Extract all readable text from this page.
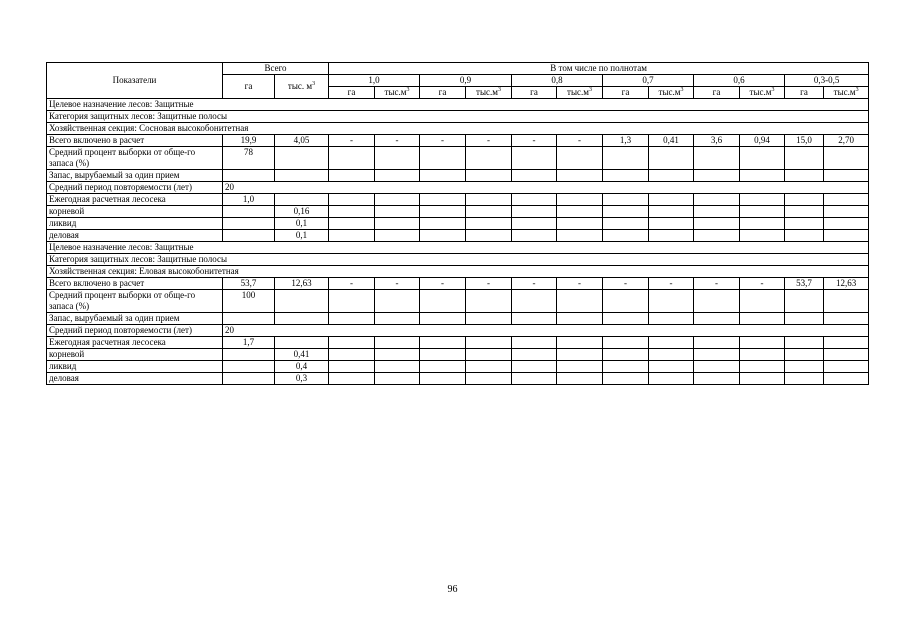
Показатели	Всего		В том числе по полнотам											
	га	тыс. $м^3$	1,0		0,9		0,8		0,7		0,6		0,3-0,5	
			га	$тыс.м^3$	га	$тыс.м^3$	га	$тыс.м^3$	га	$тыс.м^3$	га	$тыс.м^3$	га	$тыс.м^3$
Целевое назначение лесов: Защитные														
Категория защитных лесов: Защитные полосы														
Хозяйственная секция: Сосновая высокобонитетная														
Всего включено в расчет	19,9	4,05	-	-	-	-	-	-	1,3	0,41	3,6	0,94	15,0	2,70
Средний процент выборки от обще-го запаса (%)	78													
Запас, вырубаемый за один прием														
Средний период повторяемости (лет)	20													
Ежегодная расчетная лесосека	1,0													
корневой		0,16												
ликвид		0,1												
деловая		0,1												
Целевое назначение лесов: Защитные														
Категория защитных лесов: Защитные полосы														
Хозяйственная секция: Еловая высокобонитетная														
Всего включено в расчет	53,7	12,63	-	-	-	-	-	-	-	-	-	-	53,7	12,63
Средний процент выборки от обще-го запаса (%)	100													
Запас, вырубаемый за один прием														
Средний период повторяемости (лет)	20													
Ежегодная расчетная лесосека	1,7													
корневой		0,41												
ликвид		0,4												
деловая		0,3												
96
